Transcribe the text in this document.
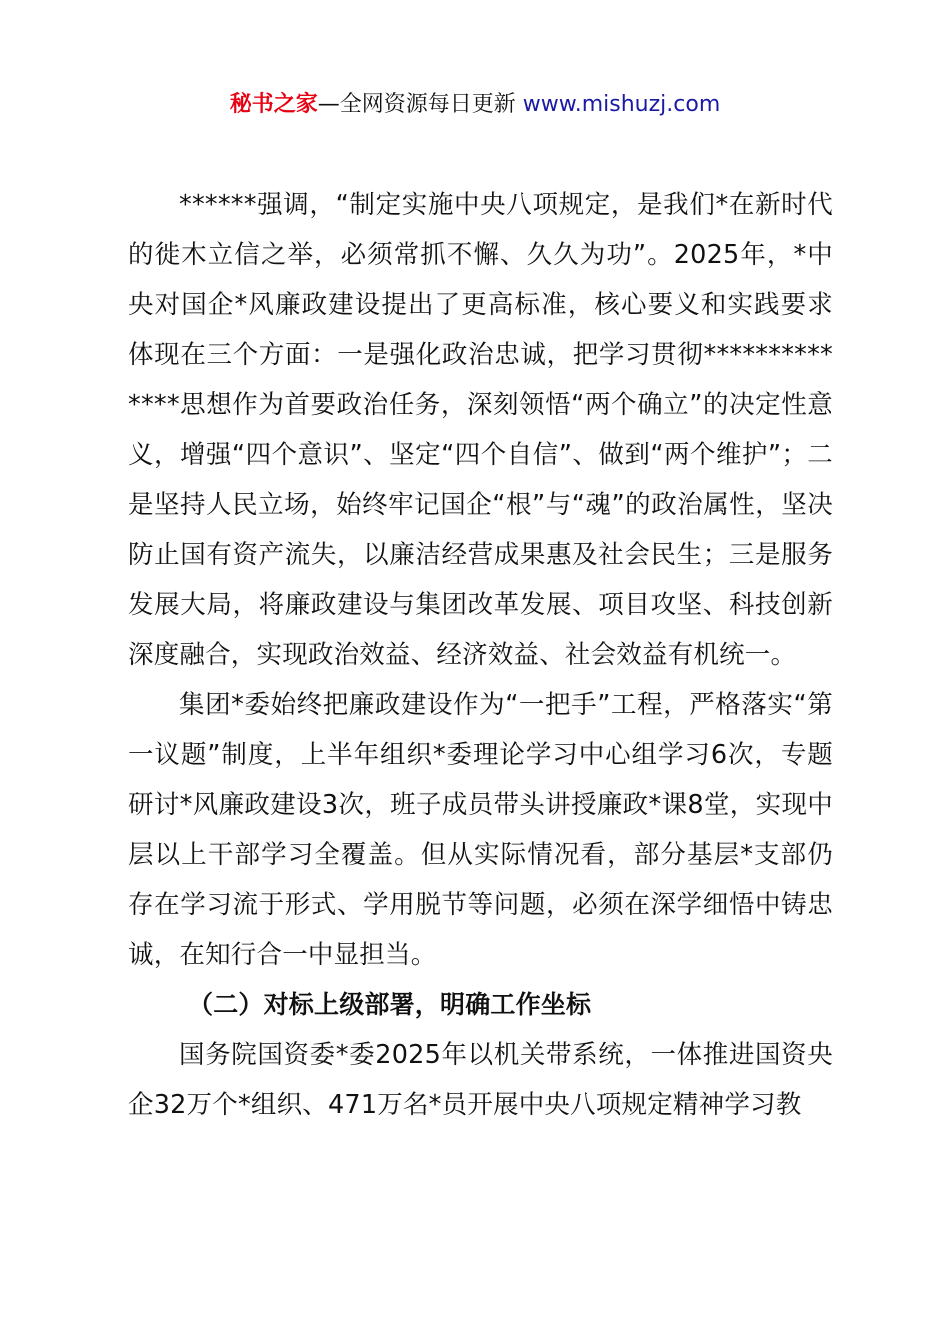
秘书之家—全网资源每日更新 www.mishuzj.com

******强调，“制定实施中央八项规定，是我们*在新时代的徙木立信之举，必须常抓不懈、久久为功”。2025年，*中央对国企*风廉政建设提出了更高标准，核心要义和实践要求体现在三个方面：一是强化政治忠诚，把学习贯彻**************思想作为首要政治任务，深刻领悟“两个确立”的决定性意义，增强“四个意识”、坚定“四个自信”、做到“两个维护”；二是坚持人民立场，始终牢记国企“根”与“魂”的政治属性，坚决防止国有资产流失，以廉洁经营成果惠及社会民生；三是服务发展大局，将廉政建设与集团改革发展、项目攻坚、科技创新深度融合，实现政治效益、经济效益、社会效益有机统一。

集团*委始终把廉政建设作为“一把手”工程，严格落实“第一议题”制度，上半年组织*委理论学习中心组学习6次，专题研讨*风廉政建设3次，班子成员带头讲授廉政*课8堂，实现中层以上干部学习全覆盖。但从实际情况看，部分基层*支部仍存在学习流于形式、学用脱节等问题，必须在深学细悟中铸忠诚，在知行合一中显担当。

（二）对标上级部署，明确工作坐标

国务院国资委*委2025年以机关带系统，一体推进国资央企32万个*组织、471万名*员开展中央八项规定精神学习教
